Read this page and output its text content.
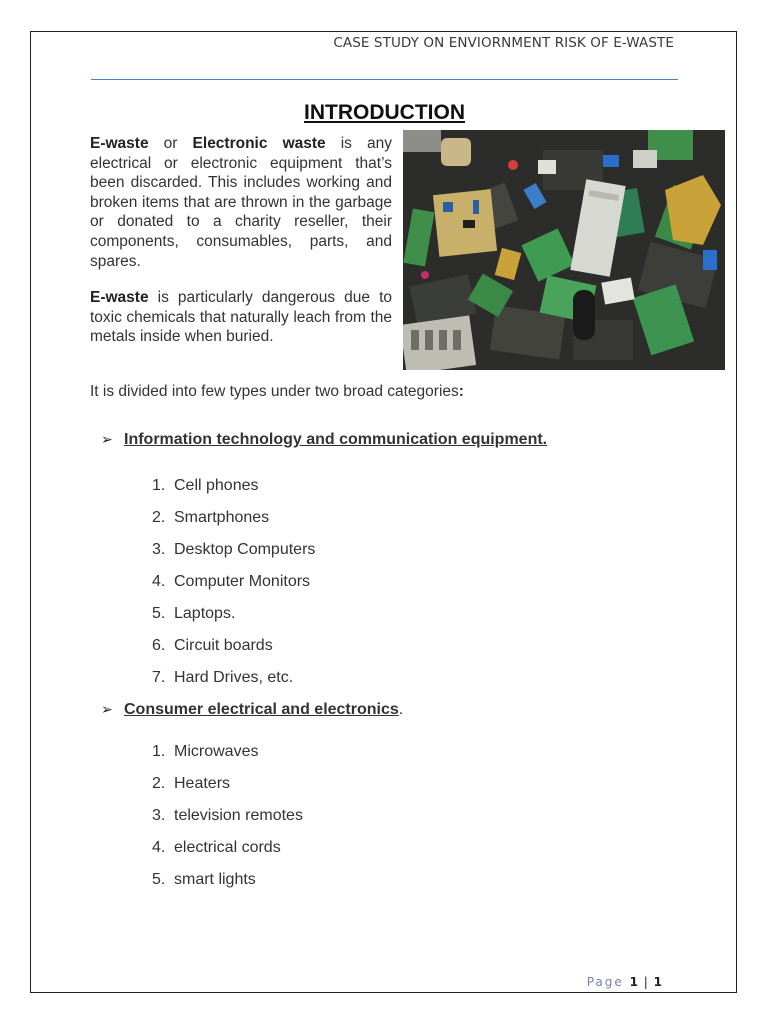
CASE STUDY ON ENVIORNMENT RISK OF E-WASTE
INTRODUCTION

E-waste or Electronic waste is any electrical or electronic equipment that’s been discarded. This includes working and broken items that are thrown in the garbage or donated to a charity reseller, their components, consumables, parts, and spares.

E-waste is particularly dangerous due to toxic chemicals that naturally leach from the metals inside when buried.

It is divided into few types under two broad categories:
➢ Information technology and communication equipment.
1. Cell phones
2. Smartphones
3. Desktop Computers
4. Computer Monitors
5. Laptops.
6. Circuit boards
7. Hard Drives, etc.
➢ Consumer electrical and electronics.
1. Microwaves
2. Heaters
3. television remotes
4. electrical cords
5. smart lights
Page 1 | 1
